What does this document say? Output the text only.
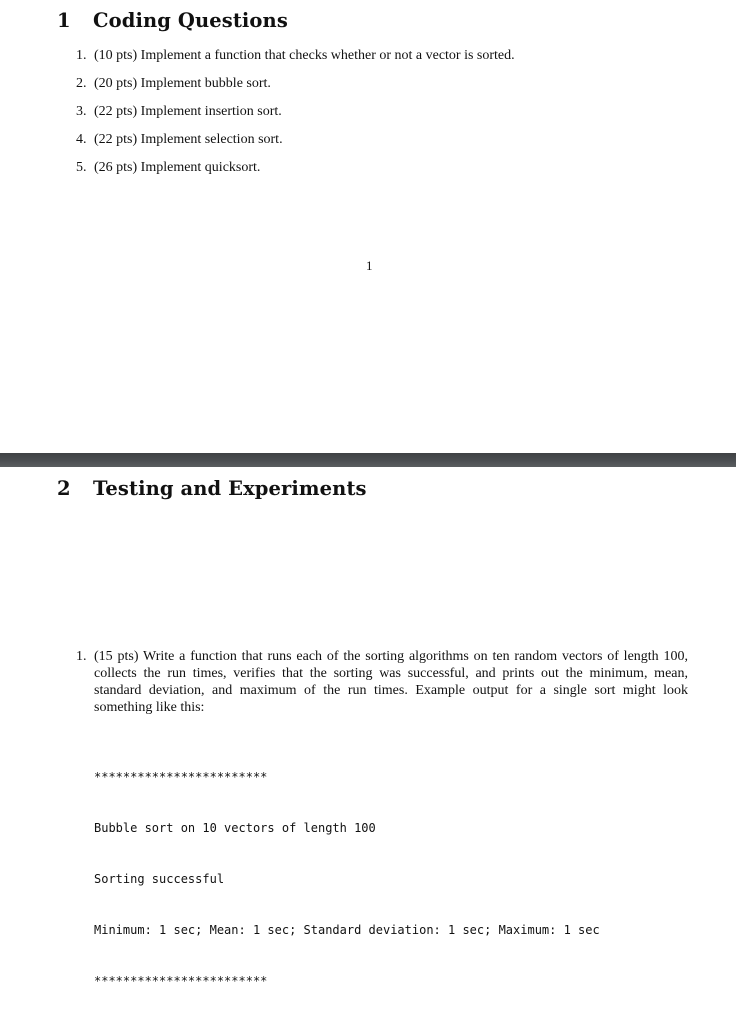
1 Coding Questions
1. (10 pts) Implement a function that checks whether or not a vector is sorted.
2. (20 pts) Implement bubble sort.
3. (22 pts) Implement insertion sort.
4. (22 pts) Implement selection sort.
5. (26 pts) Implement quicksort.
1
2 Testing and Experiments
1. (15 pts) Write a function that runs each of the sorting algorithms on ten random vectors of length 100, collects the run times, verifies that the sorting was successful, and prints out the minimum, mean, standard deviation, and maximum of the run times. Example output for a single sort might look something like this:

************************

Bubble sort on 10 vectors of length 100

Sorting successful

Minimum: 1 sec; Mean: 1 sec; Standard deviation: 1 sec; Maximum: 1 sec

************************
